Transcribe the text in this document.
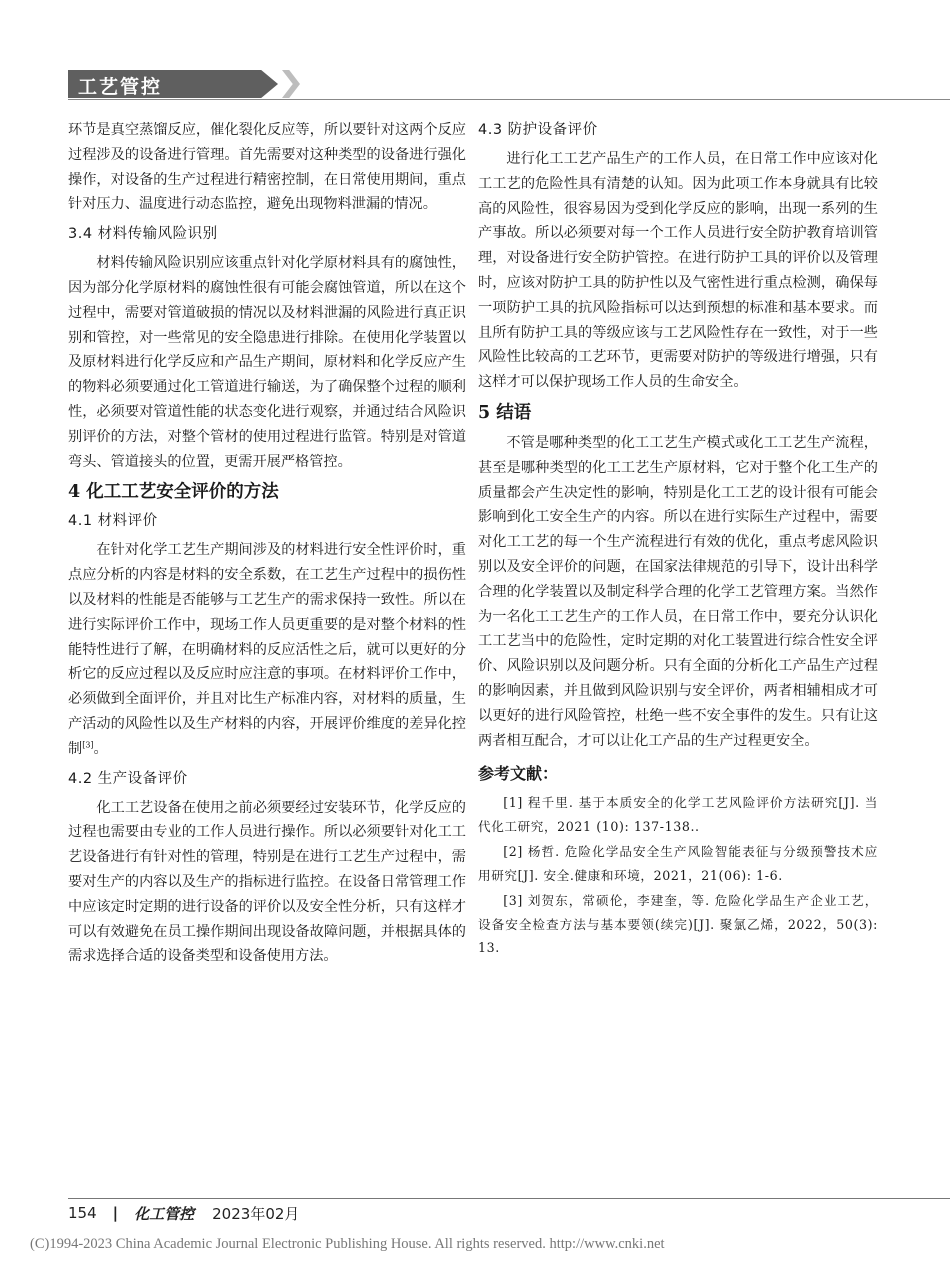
工艺管控

环节是真空蒸馏反应，催化裂化反应等，所以要针对这两个反应过程涉及的设备进行管理。首先需要对这种类型的设备进行强化操作，对设备的生产过程进行精密控制，在日常使用期间，重点针对压力、温度进行动态监控，避免出现物料泄漏的情况。

3.4 材料传输风险识别

材料传输风险识别应该重点针对化学原材料具有的腐蚀性，因为部分化学原材料的腐蚀性很有可能会腐蚀管道，所以在这个过程中，需要对管道破损的情况以及材料泄漏的风险进行真正识别和管控，对一些常见的安全隐患进行排除。在使用化学装置以及原材料进行化学反应和产品生产期间，原材料和化学反应产生的物料必须要通过化工管道进行输送，为了确保整个过程的顺利性，必须要对管道性能的状态变化进行观察，并通过结合风险识别评价的方法，对整个管材的使用过程进行监管。特别是对管道弯头、管道接头的位置，更需开展严格管控。

4 化工工艺安全评价的方法
4.1 材料评价

在针对化学工艺生产期间涉及的材料进行安全性评价时，重点应分析的内容是材料的安全系数，在工艺生产过程中的损伤性以及材料的性能是否能够与工艺生产的需求保持一致性。所以在进行实际评价工作中，现场工作人员更重要的是对整个材料的性能特性进行了解，在明确材料的反应活性之后，就可以更好的分析它的反应过程以及反应时应注意的事项。在材料评价工作中，必须做到全面评价，并且对比生产标准内容，对材料的质量，生产活动的风险性以及生产材料的内容，开展评价维度的差异化控制[3]。

4.2 生产设备评价

化工工艺设备在使用之前必须要经过安装环节，化学反应的过程也需要由专业的工作人员进行操作。所以必须要针对化工工艺设备进行有针对性的管理，特别是在进行工艺生产过程中，需要对生产的内容以及生产的指标进行监控。在设备日常管理工作中应该定时定期的进行设备的评价以及安全性分析，只有这样才可以有效避免在员工操作期间出现设备故障问题，并根据具体的需求选择合适的设备类型和设备使用方法。

4.3 防护设备评价

进行化工工艺产品生产的工作人员，在日常工作中应该对化工工艺的危险性具有清楚的认知。因为此项工作本身就具有比较高的风险性，很容易因为受到化学反应的影响，出现一系列的生产事故。所以必须要对每一个工作人员进行安全防护教育培训管理，对设备进行安全防护管控。在进行防护工具的评价以及管理时，应该对防护工具的防护性以及气密性进行重点检测，确保每一项防护工具的抗风险指标可以达到预想的标准和基本要求。而且所有防护工具的等级应该与工艺风险性存在一致性，对于一些风险性比较高的工艺环节，更需要对防护的等级进行增强，只有这样才可以保护现场工作人员的生命安全。

5 结语

不管是哪种类型的化工工艺生产模式或化工工艺生产流程，甚至是哪种类型的化工工艺生产原材料，它对于整个化工生产的质量都会产生决定性的影响，特别是化工工艺的设计很有可能会影响到化工安全生产的内容。所以在进行实际生产过程中，需要对化工工艺的每一个生产流程进行有效的优化，重点考虑风险识别以及安全评价的问题，在国家法律规范的引导下，设计出科学合理的化学装置以及制定科学合理的化学工艺管理方案。当然作为一名化工工艺生产的工作人员，在日常工作中，要充分认识化工工艺当中的危险性，定时定期的对化工装置进行综合性安全评价、风险识别以及问题分析。只有全面的分析化工产品生产过程的影响因素，并且做到风险识别与安全评价，两者相辅相成才可以更好的进行风险管控，杜绝一些不安全事件的发生。只有让这两者相互配合，才可以让化工产品的生产过程更安全。

参考文献：

[1] 程千里. 基于本质安全的化学工艺风险评价方法研究[J]. 当代化工研究，2021 (10): 137-138..

[2] 杨哲. 危险化学品安全生产风险智能表征与分级预警技术应用研究[J]. 安全.健康和环境，2021，21(06): 1-6.

[3] 刘贺东，常硕伦，李建奎，等. 危险化学品生产企业工艺，设备安全检查方法与基本要领(续完)[J]. 聚氯乙烯，2022，50(3): 13.

154 | 化工管控 2023年02月
(C)1994-2023 China Academic Journal Electronic Publishing House. All rights reserved. http://www.cnki.net
